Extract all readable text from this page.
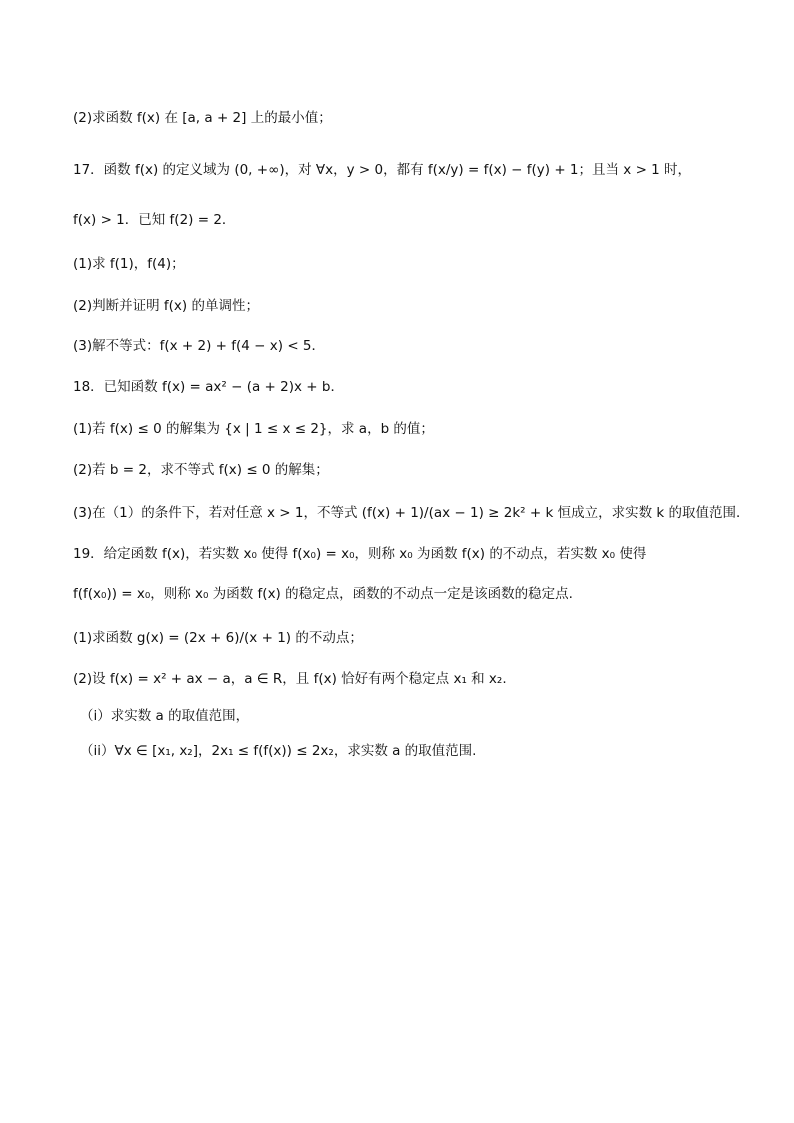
(2)求函数 f(x) 在 [a, a + 2] 上的最小值；
17．函数 f(x) 的定义域为 (0, +∞)，对 ∀x，y > 0，都有 f(x/y) = f(x) − f(y) + 1；且当 x > 1 时，
f(x) > 1．已知 f(2) = 2．
(1)求 f(1)，f(4)；
(2)判断并证明 f(x) 的单调性；
(3)解不等式：f(x + 2) + f(4 − x) < 5．
18．已知函数 f(x) = ax² − (a + 2)x + b．
(1)若 f(x) ≤ 0 的解集为 {x | 1 ≤ x ≤ 2}，求 a，b 的值；
(2)若 b = 2，求不等式 f(x) ≤ 0 的解集；
(3)在（1）的条件下，若对任意 x > 1，不等式 (f(x) + 1)/(ax − 1) ≥ 2k² + k 恒成立，求实数 k 的取值范围．
19．给定函数 f(x)，若实数 x₀ 使得 f(x₀) = x₀，则称 x₀ 为函数 f(x) 的不动点，若实数 x₀ 使得
f(f(x₀)) = x₀，则称 x₀ 为函数 f(x) 的稳定点，函数的不动点一定是该函数的稳定点.
(1)求函数 g(x) = (2x + 6)/(x + 1) 的不动点；
(2)设 f(x) = x² + ax − a，a ∈ R，且 f(x) 恰好有两个稳定点 x₁ 和 x₂.
（i）求实数 a 的取值范围，
（ii）∀x ∈ [x₁, x₂]，2x₁ ≤ f(f(x)) ≤ 2x₂，求实数 a 的取值范围.
